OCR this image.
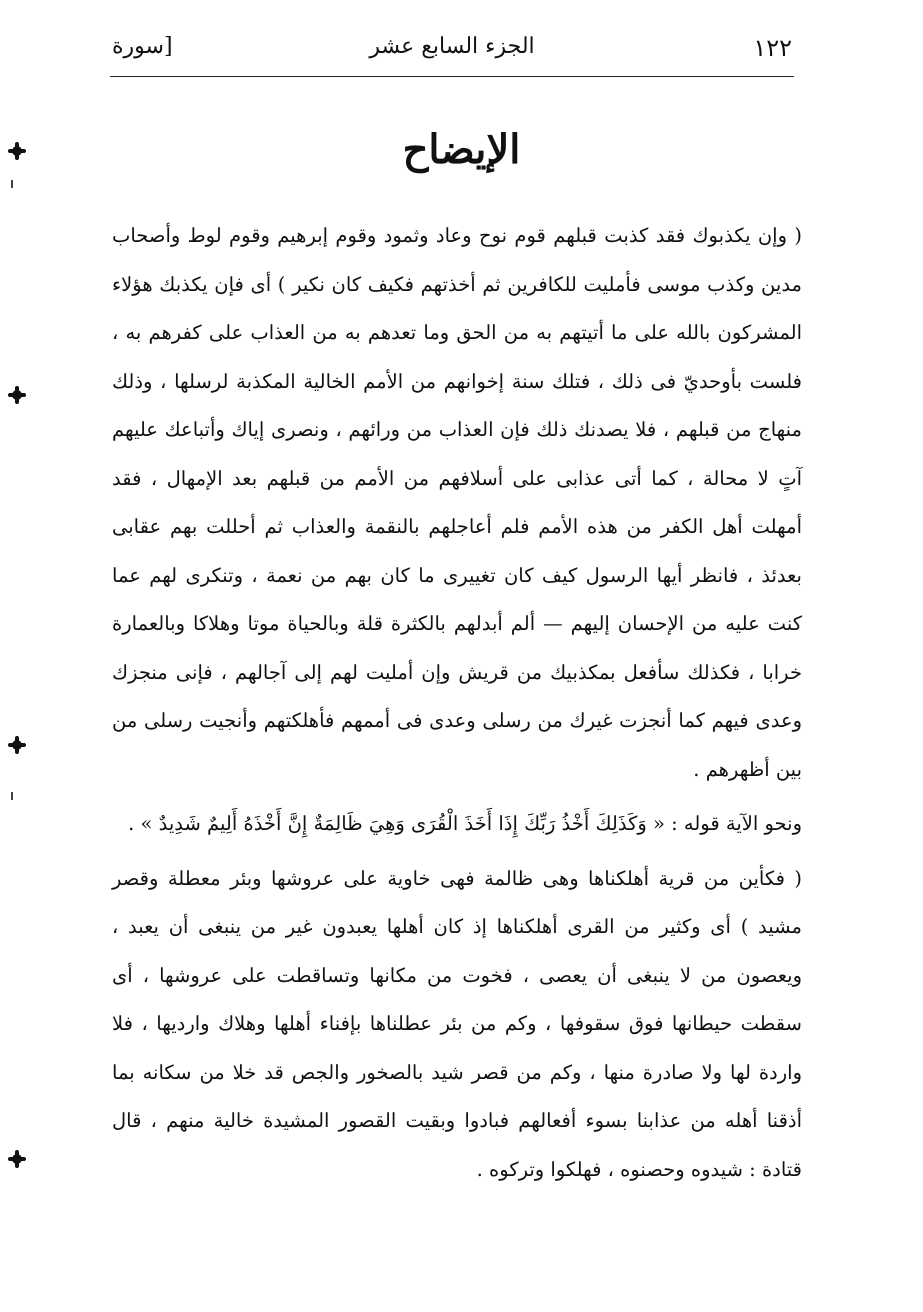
١٢٢
الجزء السابع عشر
[سورة
الإيضاح

( وإن يكذبوك فقد كذبت قبلهم قوم نوح وعاد وثمود وقوم إبرهيم وقوم لوط وأصحاب مدين وكذب موسى فأمليت للكافرين ثم أخذتهم فكيف كان نكير ) أى فإن يكذبك هؤلاء المشركون بالله على ما أتيتهم به من الحق وما تعدهم به من العذاب على كفرهم به ، فلست بأوحديّ فى ذلك ، فتلك سنة إخوانهم من الأمم الخالية المكذبة لرسلها ، وذلك منهاج من قبلهم ، فلا يصدنك ذلك فإن العذاب من ورائهم ، ونصرى إياك وأتباعك عليهم آتٍ لا محالة ، كما أتى عذابى على أسلافهم من الأمم من قبلهم بعد الإمهال ، فقد أمهلت أهل الكفر من هذه الأمم فلم أعاجلهم بالنقمة والعذاب ثم أحللت بهم عقابى بعدئذ ، فانظر أيها الرسول كيف كان تغييرى ما كان بهم من نعمة ، وتنكرى لهم عما كنت عليه من الإحسان إليهم — ألم أبدلهم بالكثرة قلة وبالحياة موتا وهلاكا وبالعمارة خرابا ، فكذلك سأفعل بمكذبيك من قريش وإن أمليت لهم إلى آجالهم ، فإنى منجزك وعدى فيهم كما أنجزت غيرك من رسلى وعدى فى أممهم فأهلكتهم وأنجيت رسلى من بين أظهرهم .

ونحو الآية قوله : « وَكَذَلِكَ أَخْذُ رَبِّكَ إِذَا أَخَذَ الْقُرَى وَهِيَ ظَالِمَةٌ إِنَّ أَخْذَهُ أَلِيمٌ شَدِيدٌ » .

( فكأين من قرية أهلكناها وهى ظالمة فهى خاوية على عروشها وبئر معطلة وقصر مشيد ) أى وكثير من القرى أهلكناها إذ كان أهلها يعبدون غير من ينبغى أن يعبد ، ويعصون من لا ينبغى أن يعصى ، فخوت من مكانها وتساقطت على عروشها ، أى سقطت حيطانها فوق سقوفها ، وكم من بئر عطلناها بإفناء أهلها وهلاك وارديها ، فلا واردة لها ولا صادرة منها ، وكم من قصر شيد بالصخور والجص قد خلا من سكانه بما أذقنا أهله من عذابنا بسوء أفعالهم فبادوا وبقيت القصور المشيدة خالية منهم ، قال قتادة : شيدوه وحصنوه ، فهلكوا وتركوه .
